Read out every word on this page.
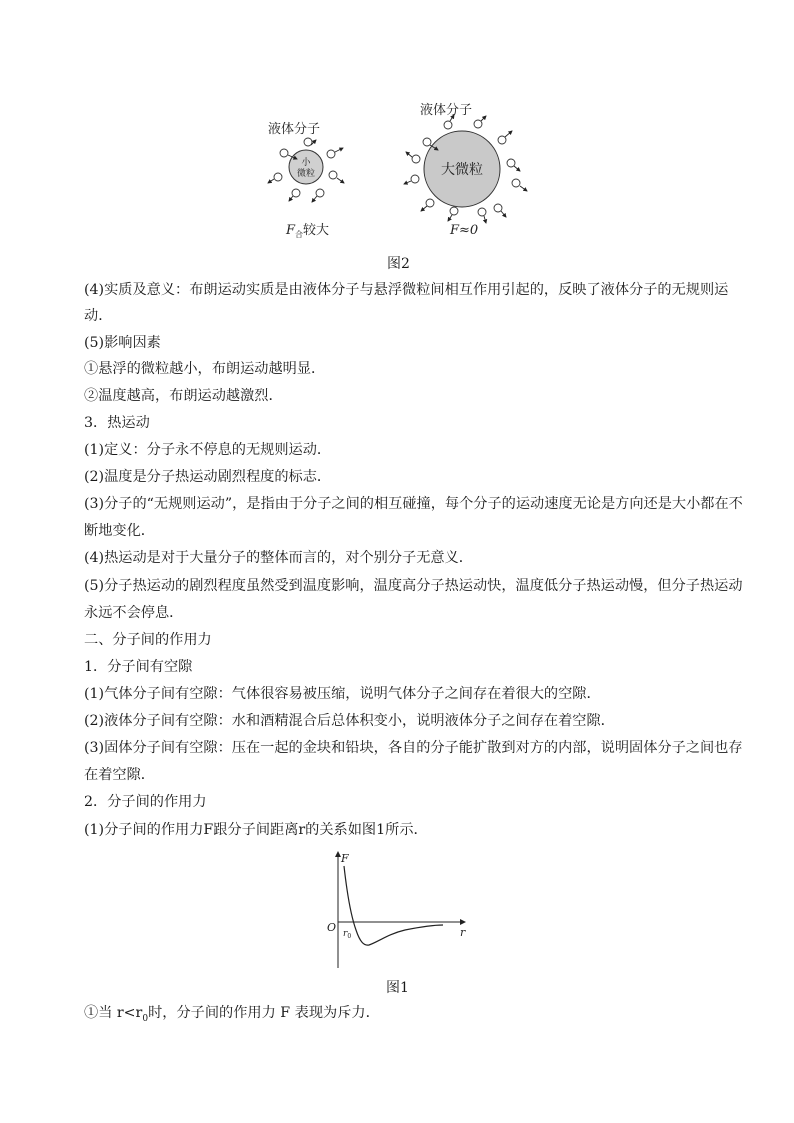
液体分子
液体分子
小
微粒	大微粒
$F_合$较大	F≈0
图2
(4)实质及意义：布朗运动实质是由液体分子与悬浮微粒间相互作用引起的，反映了液体分子的无规则运
动．
(5)影响因素
①悬浮的微粒越小，布朗运动越明显．
②温度越高，布朗运动越激烈．
3．热运动
(1)定义：分子永不停息的无规则运动．
(2)温度是分子热运动剧烈程度的标志．
(3)分子的“无规则运动”，是指由于分子之间的相互碰撞，每个分子的运动速度无论是方向还是大小都在不
断地变化．
(4)热运动是对于大量分子的整体而言的，对个别分子无意义．
(5)分子热运动的剧烈程度虽然受到温度影响，温度高分子热运动快，温度低分子热运动慢，但分子热运动
永远不会停息．
二、分子间的作用力
1．分子间有空隙
(1)气体分子间有空隙：气体很容易被压缩，说明气体分子之间存在着很大的空隙．
(2)液体分子间有空隙：水和酒精混合后总体积变小，说明液体分子之间存在着空隙．
(3)固体分子间有空隙：压在一起的金块和铅块，各自的分子能扩散到对方的内部，说明固体分子之间也存
在着空隙．
2．分子间的作用力
(1)分子间的作用力F跟分子间距离r的关系如图1所示．
F
r
O $r_0$
图1
①当 $r<r_0$时，分子间的作用力 F 表现为斥力．
